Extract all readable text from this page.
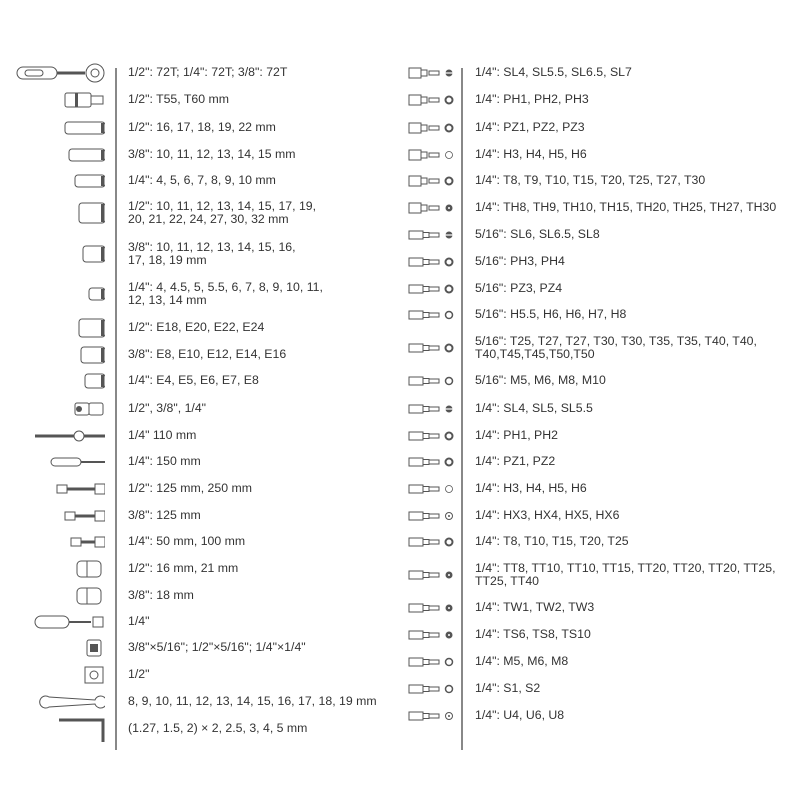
1/2": 72T; 1/4": 72T; 3/8": 72T
1/2": T55, T60 mm
1/2": 16, 17, 18, 19, 22 mm
3/8": 10, 11, 12, 13, 14, 15 mm
1/4": 4, 5, 6, 7, 8, 9, 10 mm
1/2": 10, 11, 12, 13, 14, 15, 17, 19,
20, 21, 22, 24, 27, 30, 32 mm
3/8": 10, 11, 12, 13, 14, 15, 16,
17, 18, 19 mm
1/4": 4, 4.5, 5, 5.5, 6, 7, 8, 9, 10, 11,
12, 13, 14 mm
1/2": E18, E20, E22, E24
3/8": E8, E10, E12, E14, E16
1/4": E4, E5, E6, E7, E8
1/2", 3/8", 1/4"
1/4" 110 mm
1/4": 150 mm
1/2": 125 mm, 250 mm
3/8": 125 mm
1/4": 50 mm, 100 mm
1/2": 16 mm, 21 mm
3/8": 18 mm
1/4"
3/8"×5/16"; 1/2"×5/16"; 1/4"×1/4"
1/2"
8, 9, 10, 11, 12, 13, 14, 15, 16, 17, 18, 19 mm
(1.27, 1.5, 2) × 2, 2.5, 3, 4, 5 mm
1/4": SL4, SL5.5, SL6.5, SL7
1/4": PH1, PH2, PH3
1/4": PZ1, PZ2, PZ3
1/4": H3, H4, H5, H6
1/4": T8, T9, T10, T15, T20, T25, T27, T30
1/4": TH8, TH9, TH10, TH15, TH20, TH25, TH27, TH30
5/16": SL6, SL6.5, SL8
5/16": PH3, PH4
5/16": PZ3, PZ4
5/16": H5.5, H6, H6, H7, H8
5/16": T25, T27, T27, T30, T30, T35, T35, T40, T40,
T40,T45,T45,T50,T50
5/16": M5, M6, M8, M10
1/4": SL4, SL5, SL5.5
1/4": PH1, PH2
1/4": PZ1, PZ2
1/4": H3, H4, H5, H6
1/4": HX3, HX4, HX5, HX6
1/4": T8, T10, T15, T20, T25
1/4": TT8, TT10, TT10, TT15, TT20, TT20, TT20, TT25,
TT25, TT40
1/4": TW1, TW2, TW3
1/4": TS6, TS8, TS10
1/4": M5, M6, M8
1/4": S1, S2
1/4": U4, U6, U8
